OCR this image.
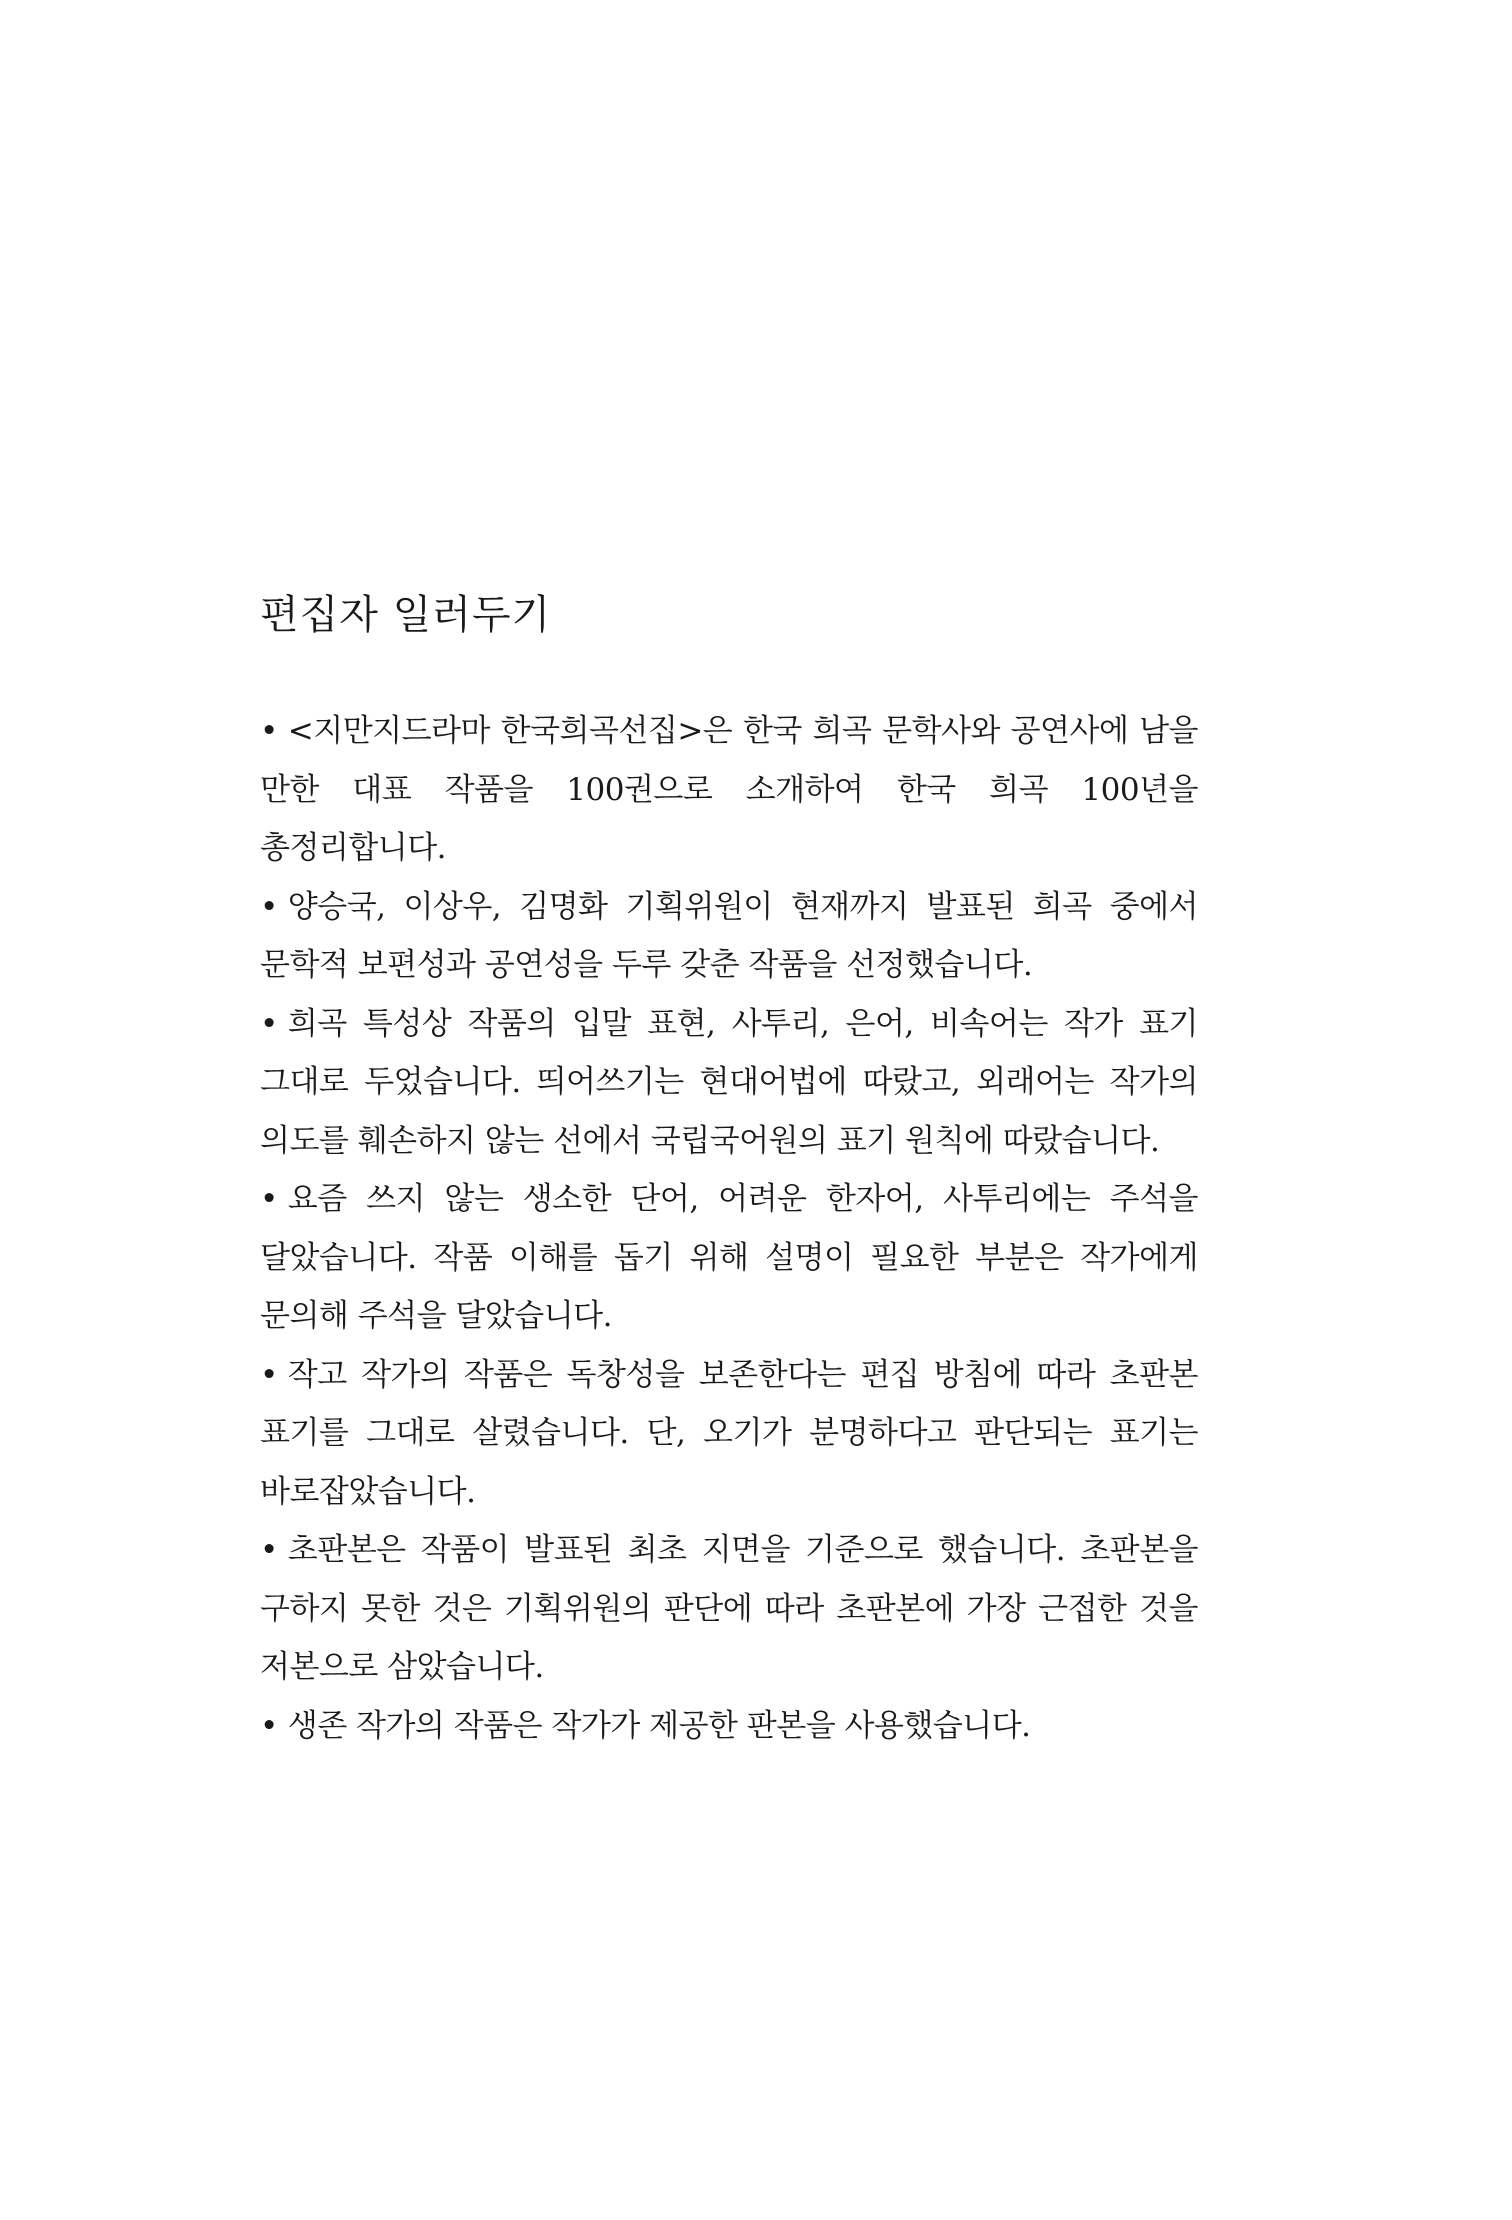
편집자 일러두기
• <지만지드라마 한국희곡선집>은 한국 희곡 문학사와 공연사에 남을 만한 대표 작품을 100권으로 소개하여 한국 희곡 100년을 총정리합니다.
• 양승국, 이상우, 김명화 기획위원이 현재까지 발표된 희곡 중에서 문학적 보편성과 공연성을 두루 갖춘 작품을 선정했습니다.
• 희곡 특성상 작품의 입말 표현, 사투리, 은어, 비속어는 작가 표기 그대로 두었습니다. 띄어쓰기는 현대어법에 따랐고, 외래어는 작가의 의도를 훼손하지 않는 선에서 국립국어원의 표기 원칙에 따랐습니다.
• 요즘 쓰지 않는 생소한 단어, 어려운 한자어, 사투리에는 주석을 달았습니다. 작품 이해를 돕기 위해 설명이 필요한 부분은 작가에게 문의해 주석을 달았습니다.
• 작고 작가의 작품은 독창성을 보존한다는 편집 방침에 따라 초판본 표기를 그대로 살렸습니다. 단, 오기가 분명하다고 판단되는 표기는 바로잡았습니다.
• 초판본은 작품이 발표된 최초 지면을 기준으로 했습니다. 초판본을 구하지 못한 것은 기획위원의 판단에 따라 초판본에 가장 근접한 것을 저본으로 삼았습니다.
• 생존 작가의 작품은 작가가 제공한 판본을 사용했습니다.
